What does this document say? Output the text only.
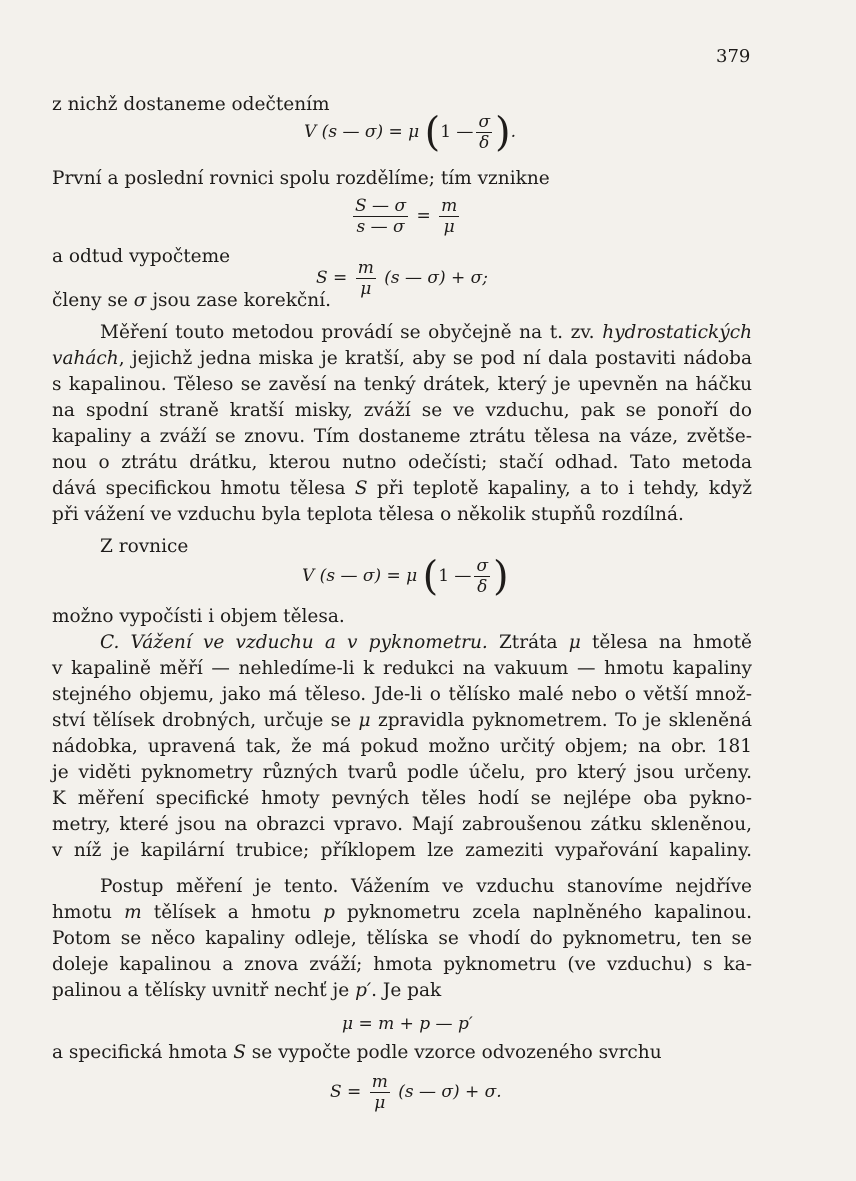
379
z nichž dostaneme odečtením
V (s — σ) = μ (1 — $\frac{\sigma}{\delta}$ ).
První a poslední rovnici spolu rozdělíme; tím vznikne
$\frac{S — \sigma}{s — \sigma} = \frac{m}{\mu}$
a odtud vypočteme
$S = \frac{m}{\mu} (s$ — σ) + σ;
členy se σ jsou zase korekční.
Měření touto metodou provádí se obyčejně na t. zv. hydrostatických
vahách, jejichž jedna miska je kratší, aby se pod ní dala postaviti nádoba
s kapalinou. Těleso se zavěsí na tenký drátek, který je upevněn na háčku
na spodní straně kratší misky, zváží se ve vzduchu, pak se ponoří do
kapaliny a zváží se znovu. Tím dostaneme ztrátu tělesa na váze, zvětše-
nou o ztrátu drátku, kterou nutno odečísti; stačí odhad. Tato metoda
dává specifickou hmotu tělesa S při teplotě kapaliny, a to i tehdy, když
při vážení ve vzduchu byla teplota tělesa o několik stupňů rozdílná.
Z rovnice
V (s — σ) = μ (1 — $\frac{\sigma}{\delta}$ )
možno vypočísti i objem tělesa.
C. Vážení ve vzduchu a v pyknometru. Ztráta μ tělesa na hmotě
v kapalině měří — nehledíme-li k redukci na vakuum — hmotu kapaliny
stejného objemu, jako má těleso. Jde-li o tělísko malé nebo o větší množ-
ství tělísek drobných, určuje se μ zpravidla pyknometrem. To je skleněná
nádobka, upravená tak, že má pokud možno určitý objem; na obr. 181
je viděti pyknometry různých tvarů podle účelu, pro který jsou určeny.
K měření specifické hmoty pevných těles hodí se nejlépe oba pykno-
metry, které jsou na obrazci vpravo. Mají zabroušenou zátku skleněnou,
v níž je kapilární trubice; příklopem lze zameziti vypařování kapaliny.
Postup měření je tento. Vážením ve vzduchu stanovíme nejdříve
hmotu m tělísek a hmotu p pyknometru zcela naplněného kapalinou.
Potom se něco kapaliny odleje, tělíska se vhodí do pyknometru, ten se
doleje kapalinou a znova zváží; hmota pyknometru (ve vzduchu) s ka-
palinou a tělísky uvnitř nechť je p′. Je pak
μ = m + p — p′
a specifická hmota S se vypočte podle vzorce odvozeného svrchu
$S = \frac{m}{\mu} (s$ — σ) + σ.
